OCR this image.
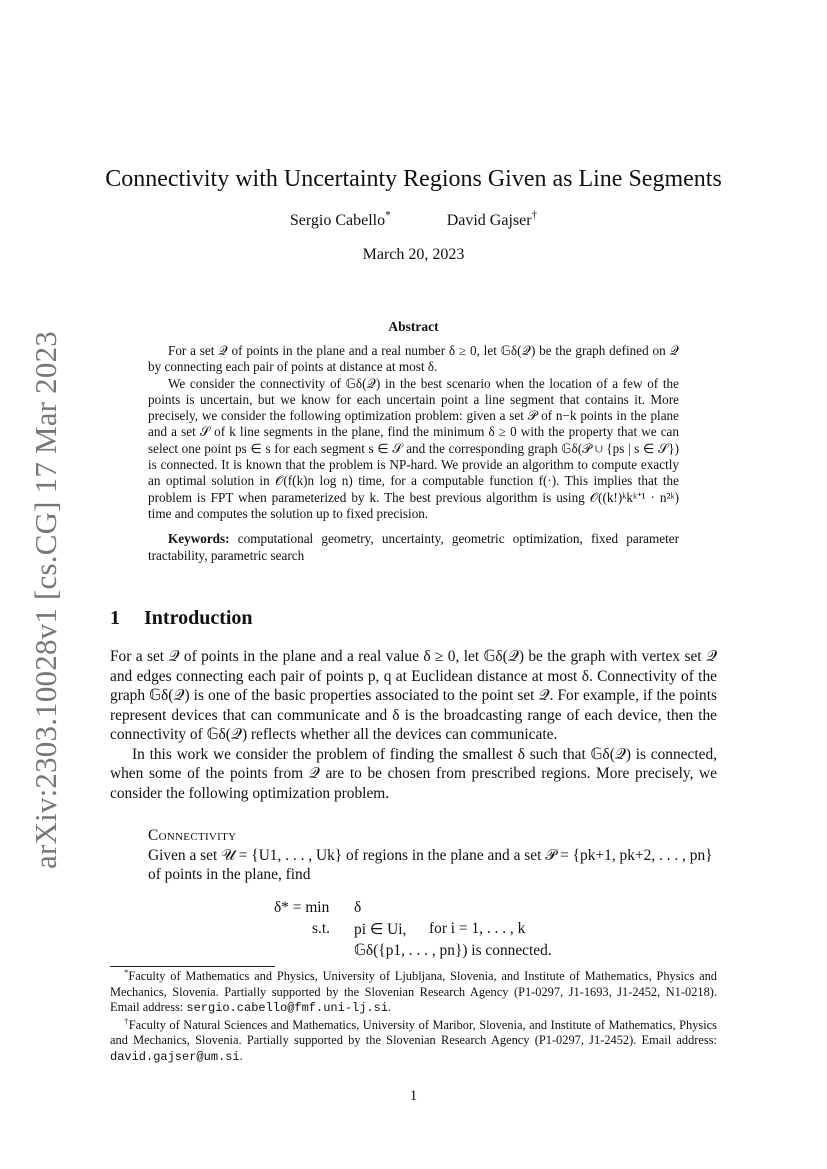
arXiv:2303.10028v1 [cs.CG] 17 Mar 2023
Connectivity with Uncertainty Regions Given as Line Segments
Sergio Cabello*	David Gajser†
March 20, 2023
Abstract

For a set 𝒬 of points in the plane and a real number δ ≥ 0, let 𝔾δ(𝒬) be the graph defined on 𝒬 by connecting each pair of points at distance at most δ.

We consider the connectivity of 𝔾δ(𝒬) in the best scenario when the location of a few of the points is uncertain, but we know for each uncertain point a line segment that contains it. More precisely, we consider the following optimization problem: given a set 𝒫 of n−k points in the plane and a set 𝒮 of k line segments in the plane, find the minimum δ ≥ 0 with the property that we can select one point ps ∈ s for each segment s ∈ 𝒮 and the corresponding graph 𝔾δ(𝒫 ∪ {ps | s ∈ 𝒮}) is connected. It is known that the problem is NP-hard. We provide an algorithm to compute exactly an optimal solution in 𝒪(f(k)n log n) time, for a computable function f(·). This implies that the problem is FPT when parameterized by k. The best previous algorithm is using 𝒪((k!)ᵏkᵏ⁺¹ · n²ᵏ) time and computes the solution up to fixed precision.

Keywords: computational geometry, uncertainty, geometric optimization, fixed parameter tractability, parametric search

1 Introduction

For a set 𝒬 of points in the plane and a real value δ ≥ 0, let 𝔾δ(𝒬) be the graph with vertex set 𝒬 and edges connecting each pair of points p, q at Euclidean distance at most δ. Connectivity of the graph 𝔾δ(𝒬) is one of the basic properties associated to the point set 𝒬. For example, if the points represent devices that can communicate and δ is the broadcasting range of each device, then the connectivity of 𝔾δ(𝒬) reflects whether all the devices can communicate.

In this work we consider the problem of finding the smallest δ such that 𝔾δ(𝒬) is connected, when some of the points from 𝒬 are to be chosen from prescribed regions. More precisely, we consider the following optimization problem.

Connectivity
Given a set 𝒰 = {U1, . . . , Uk} of regions in the plane and a set 𝒫 = {pk+1, pk+2, . . . , pn} of points in the plane, find
δ* = min δ
s.t. pi ∈ Ui, for i = 1, . . . , k
𝔾δ({p1, . . . , pn}) is connected.

*Faculty of Mathematics and Physics, University of Ljubljana, Slovenia, and Institute of Mathematics, Physics and Mechanics, Slovenia. Partially supported by the Slovenian Research Agency (P1-0297, J1-1693, J1-2452, N1-0218). Email address: sergio.cabello@fmf.uni-lj.si.

†Faculty of Natural Sciences and Mathematics, University of Maribor, Slovenia, and Institute of Mathematics, Physics and Mechanics, Slovenia. Partially supported by the Slovenian Research Agency (P1-0297, J1-2452). Email address: david.gajser@um.si.

1
